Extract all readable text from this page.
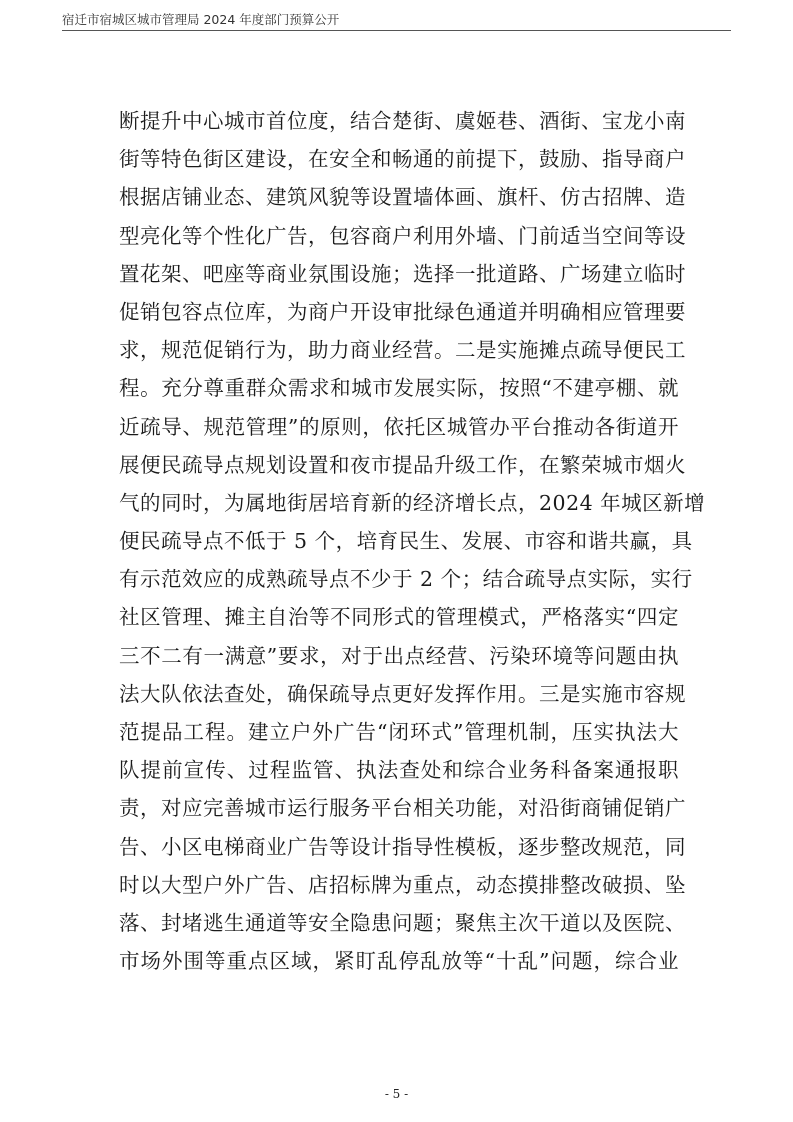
宿迁市宿城区城市管理局 2024 年度部门预算公开
断提升中心城市首位度，结合楚街、虞姬巷、酒街、宝龙小南
街等特色街区建设，在安全和畅通的前提下，鼓励、指导商户
根据店铺业态、建筑风貌等设置墙体画、旗杆、仿古招牌、造
型亮化等个性化广告，包容商户利用外墙、门前适当空间等设
置花架、吧座等商业氛围设施；选择一批道路、广场建立临时
促销包容点位库，为商户开设审批绿色通道并明确相应管理要
求，规范促销行为，助力商业经营。二是实施摊点疏导便民工
程。充分尊重群众需求和城市发展实际，按照“不建亭棚、就
近疏导、规范管理”的原则，依托区城管办平台推动各街道开
展便民疏导点规划设置和夜市提品升级工作，在繁荣城市烟火
气的同时，为属地街居培育新的经济增长点，2024 年城区新增
便民疏导点不低于 5 个，培育民生、发展、市容和谐共赢，具
有示范效应的成熟疏导点不少于 2 个；结合疏导点实际，实行
社区管理、摊主自治等不同形式的管理模式，严格落实“四定
三不二有一满意”要求，对于出点经营、污染环境等问题由执
法大队依法查处，确保疏导点更好发挥作用。三是实施市容规
范提品工程。建立户外广告“闭环式”管理机制，压实执法大
队提前宣传、过程监管、执法查处和综合业务科备案通报职
责，对应完善城市运行服务平台相关功能，对沿街商铺促销广
告、小区电梯商业广告等设计指导性模板，逐步整改规范，同
时以大型户外广告、店招标牌为重点，动态摸排整改破损、坠
落、封堵逃生通道等安全隐患问题；聚焦主次干道以及医院、
市场外围等重点区域，紧盯乱停乱放等“十乱”问题，综合业
- 5 -
